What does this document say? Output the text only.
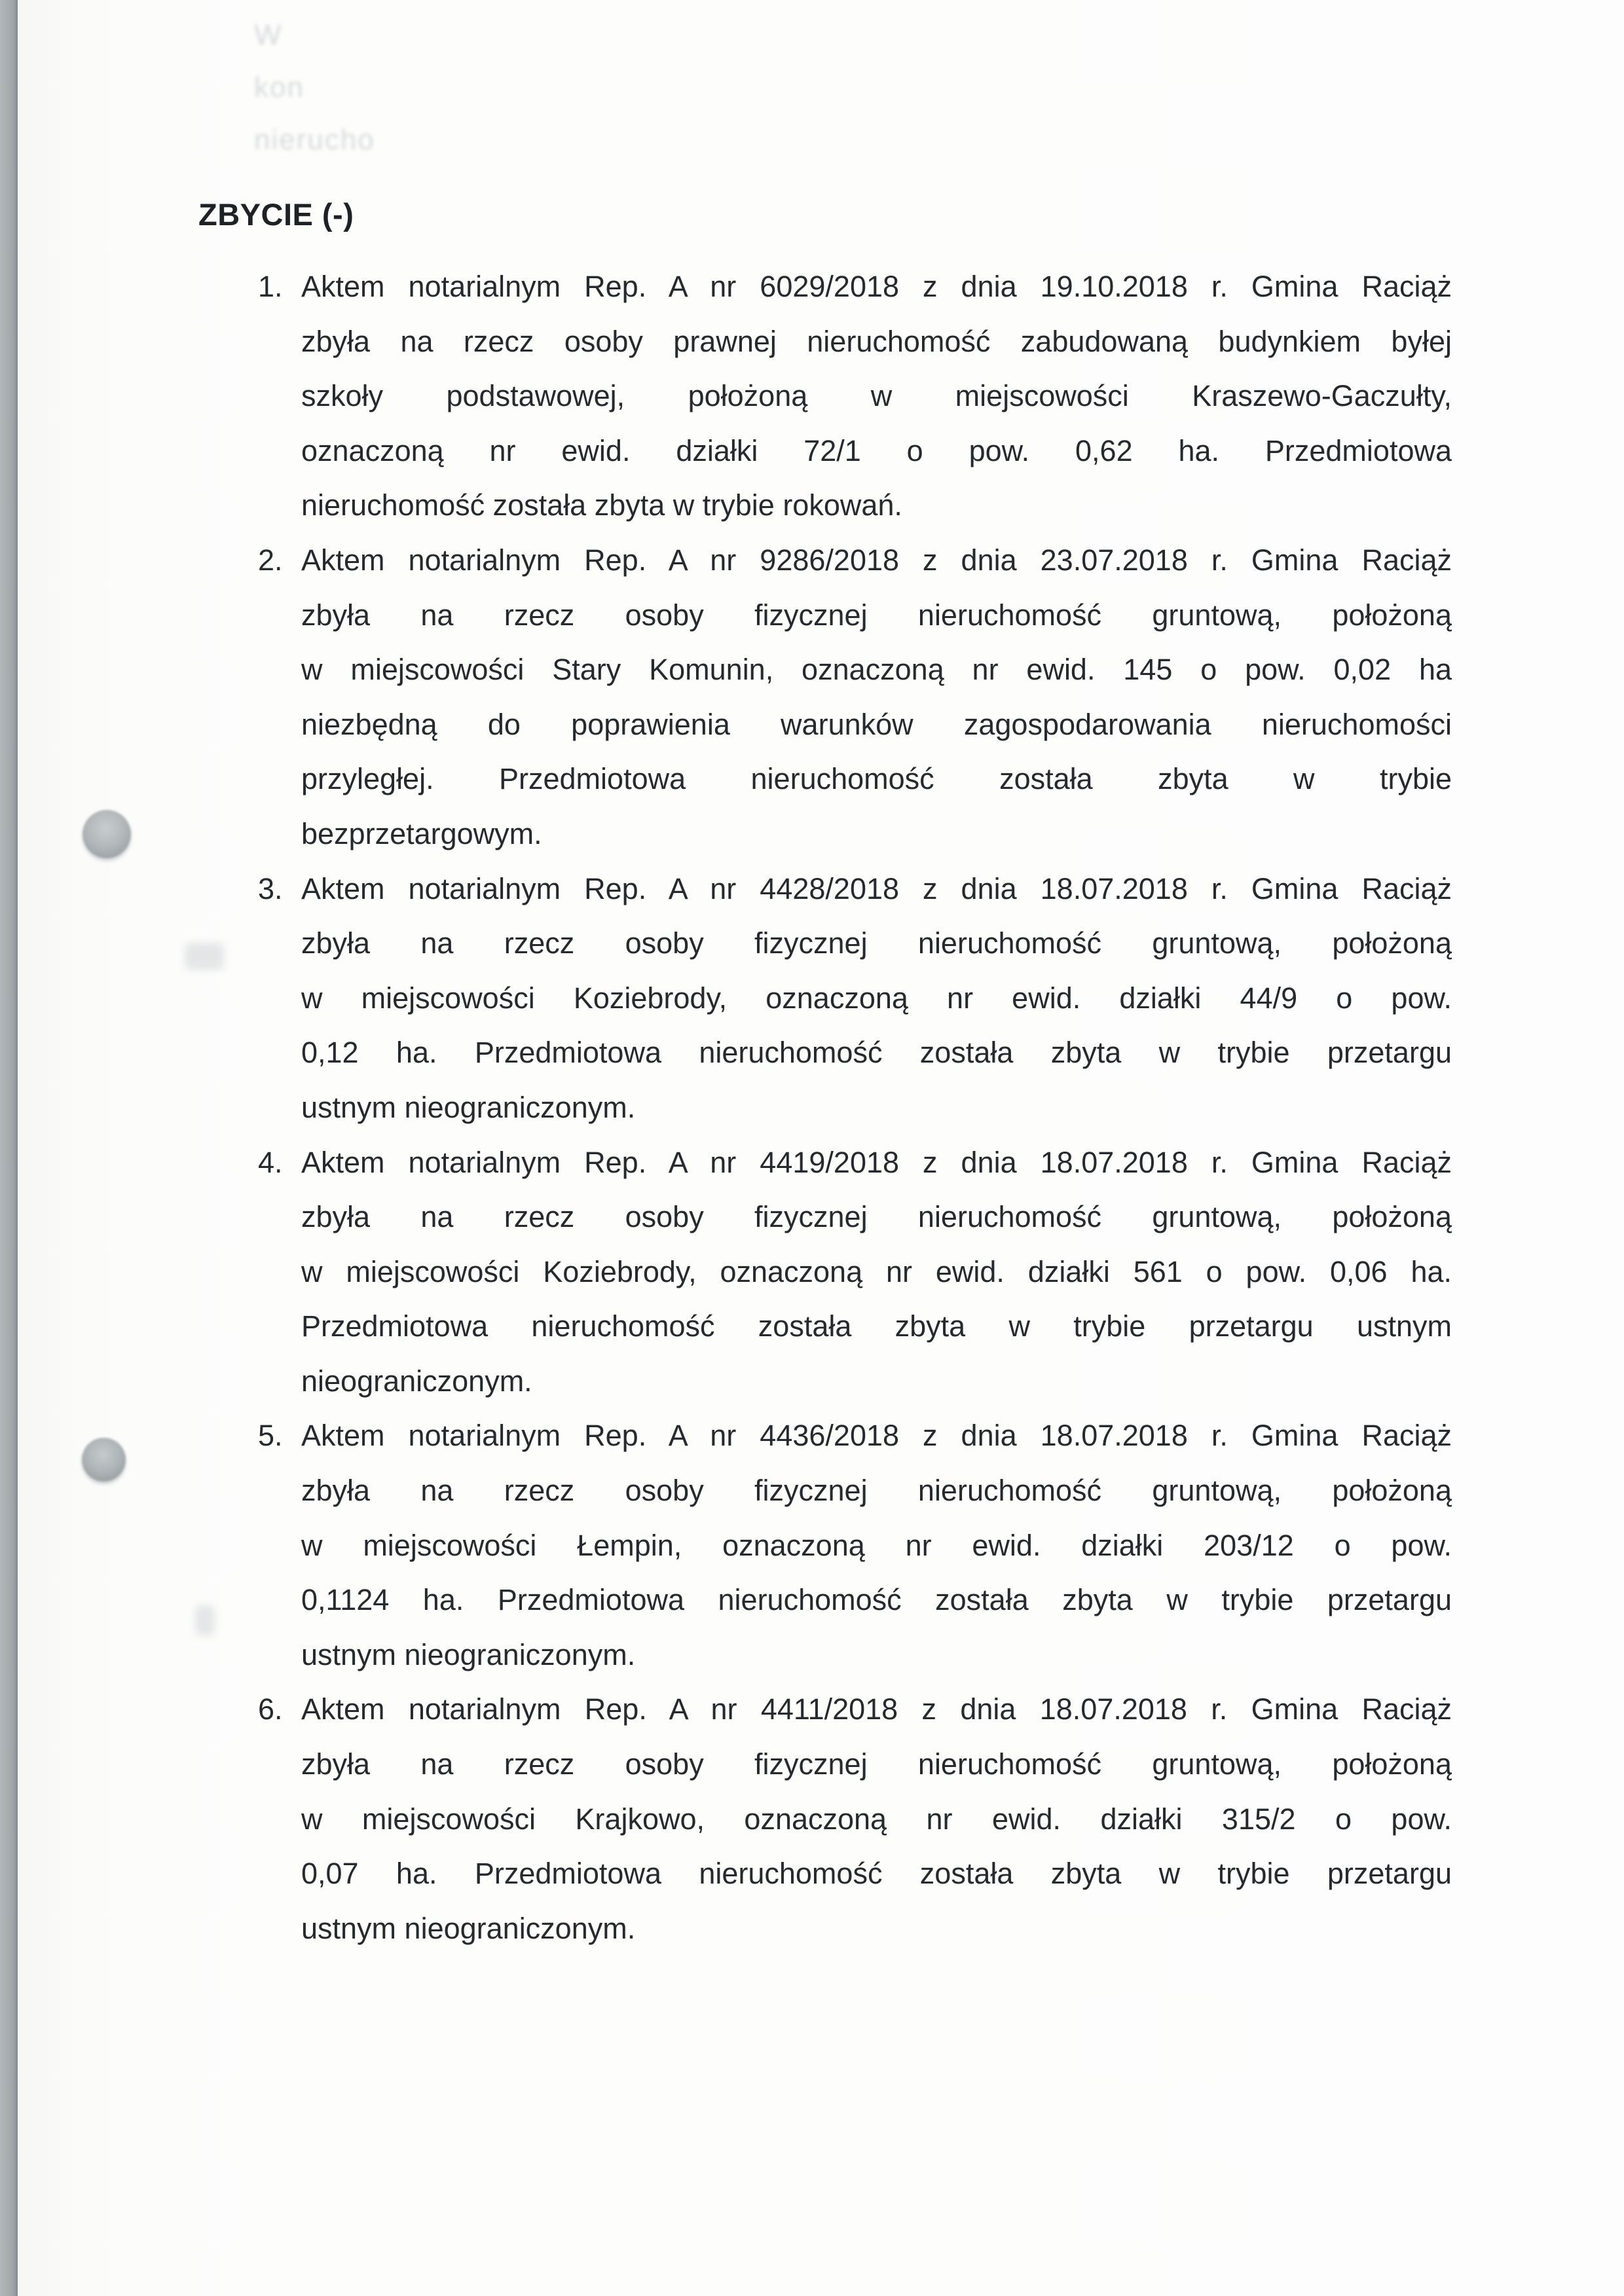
W
kon
nierucho
ZBYCIE (-)
1. Aktem notarialnym Rep. A nr 6029/2018 z dnia 19.10.2018 r. Gmina Raciąż
zbyła na rzecz osoby prawnej nieruchomość zabudowaną budynkiem byłej
szkoły podstawowej, położoną w miejscowości Kraszewo-Gaczułty,
oznaczoną nr ewid. działki 72/1 o pow. 0,62 ha. Przedmiotowa
nieruchomość została zbyta w trybie rokowań.
2. Aktem notarialnym Rep. A nr 9286/2018 z dnia 23.07.2018 r. Gmina Raciąż
zbyła na rzecz osoby fizycznej nieruchomość gruntową, położoną
w miejscowości Stary Komunin, oznaczoną nr ewid. 145 o pow. 0,02 ha
niezbędną do poprawienia warunków zagospodarowania nieruchomości
przyległej. Przedmiotowa nieruchomość została zbyta w trybie
bezprzetargowym.
3. Aktem notarialnym Rep. A nr 4428/2018 z dnia 18.07.2018 r. Gmina Raciąż
zbyła na rzecz osoby fizycznej nieruchomość gruntową, położoną
w miejscowości Koziebrody, oznaczoną nr ewid. działki 44/9 o pow.
0,12 ha. Przedmiotowa nieruchomość została zbyta w trybie przetargu
ustnym nieograniczonym.
4. Aktem notarialnym Rep. A nr 4419/2018 z dnia 18.07.2018 r. Gmina Raciąż
zbyła na rzecz osoby fizycznej nieruchomość gruntową, położoną
w miejscowości Koziebrody, oznaczoną nr ewid. działki 561 o pow. 0,06 ha.
Przedmiotowa nieruchomość została zbyta w trybie przetargu ustnym
nieograniczonym.
5. Aktem notarialnym Rep. A nr 4436/2018 z dnia 18.07.2018 r. Gmina Raciąż
zbyła na rzecz osoby fizycznej nieruchomość gruntową, położoną
w miejscowości Łempin, oznaczoną nr ewid. działki 203/12 o pow.
0,1124 ha. Przedmiotowa nieruchomość została zbyta w trybie przetargu
ustnym nieograniczonym.
6. Aktem notarialnym Rep. A nr 4411/2018 z dnia 18.07.2018 r. Gmina Raciąż
zbyła na rzecz osoby fizycznej nieruchomość gruntową, położoną
w miejscowości Krajkowo, oznaczoną nr ewid. działki 315/2 o pow.
0,07 ha. Przedmiotowa nieruchomość została zbyta w trybie przetargu
ustnym nieograniczonym.
